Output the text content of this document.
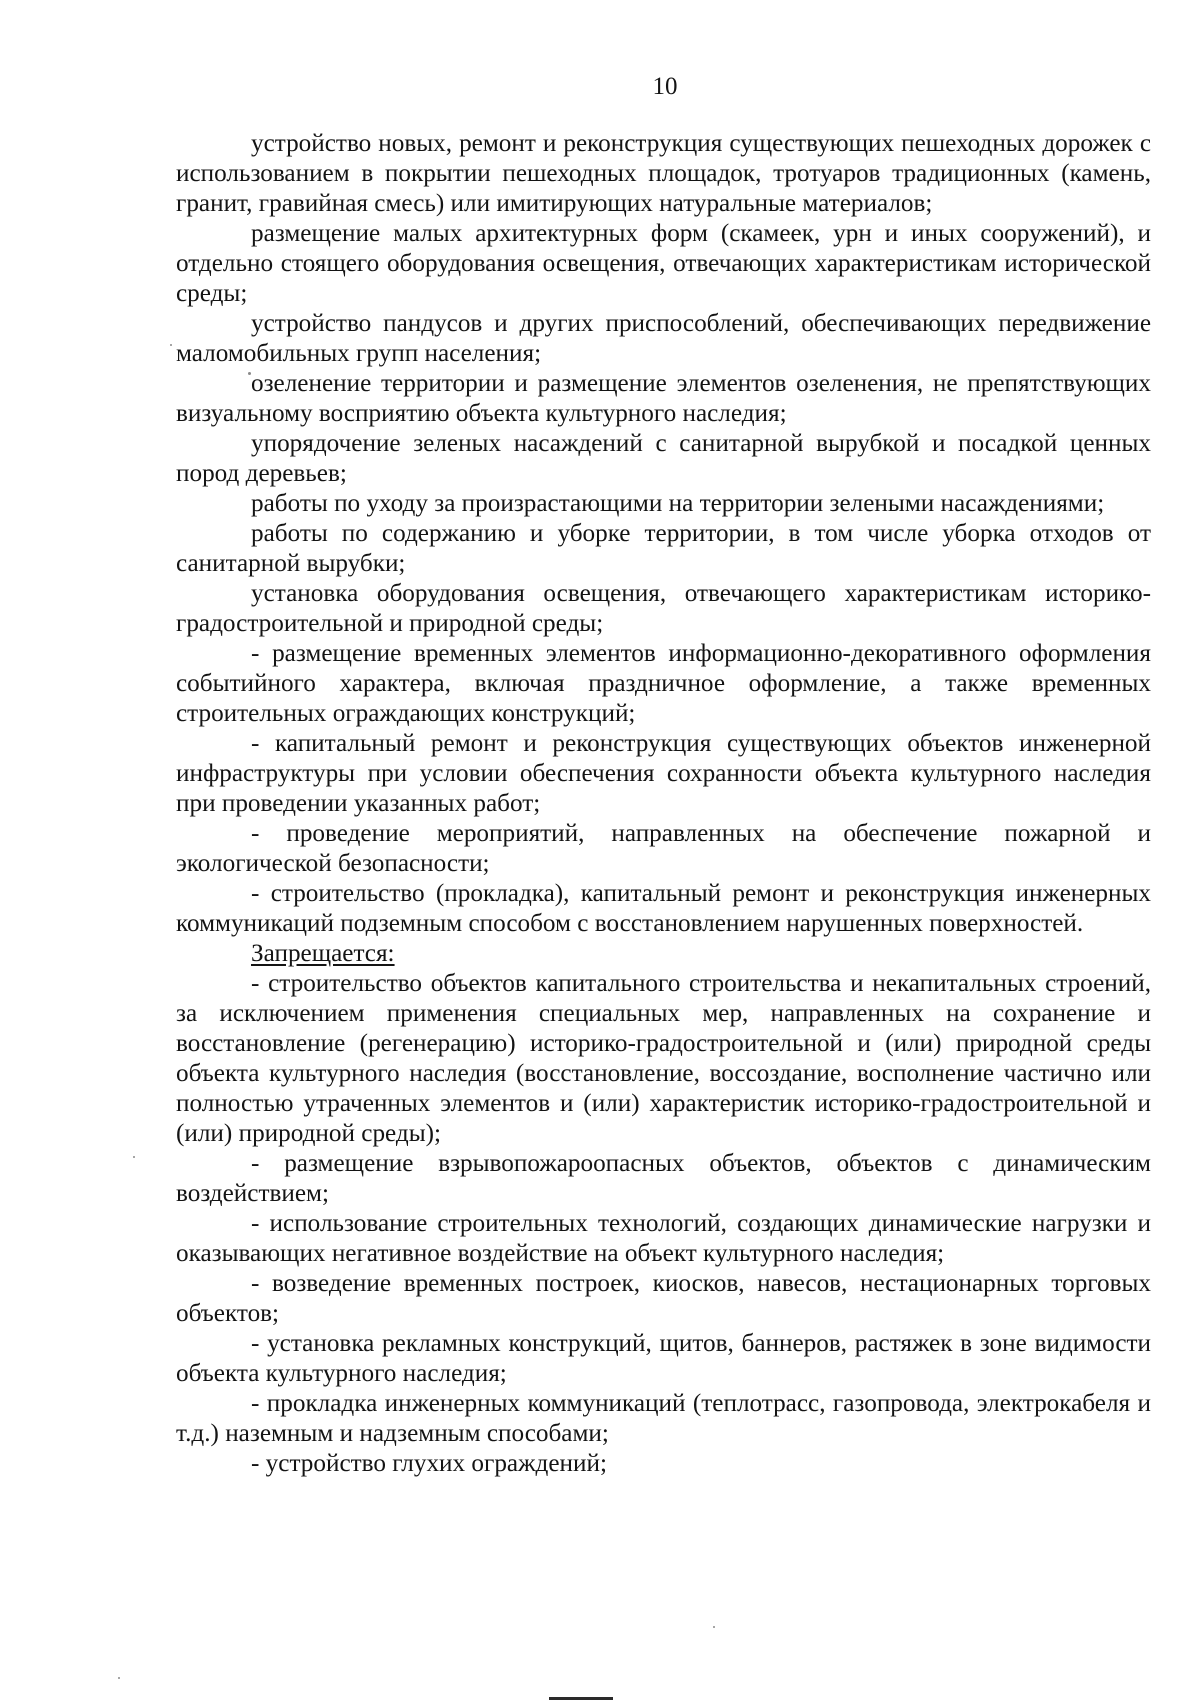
10

устройство новых, ремонт и реконструкция существующих пешеходных дорожек с использованием в покрытии пешеходных площадок, тротуаров традиционных (камень, гранит, гравийная смесь) или имитирующих натуральные материалов;

размещение малых архитектурных форм (скамеек, урн и иных сооружений), и отдельно стоящего оборудования освещения, отвечающих характеристикам исторической среды;

устройство пандусов и других приспособлений, обеспечивающих передвижение маломобильных групп населения;

озеленение территории и размещение элементов озеленения, не препятствующих визуальному восприятию объекта культурного наследия;

упорядочение зеленых насаждений с санитарной вырубкой и посадкой ценных пород деревьев;

работы по уходу за произрастающими на территории зелеными насаждениями;

работы по содержанию и уборке территории, в том числе уборка отходов от санитарной вырубки;

установка оборудования освещения, отвечающего характеристикам историко-градостроительной и природной среды;

- размещение временных элементов информационно-декоративного оформления событийного характера, включая праздничное оформление, а также временных строительных ограждающих конструкций;

- капитальный ремонт и реконструкция существующих объектов инженерной инфраструктуры при условии обеспечения сохранности объекта культурного наследия при проведении указанных работ;

- проведение мероприятий, направленных на обеспечение пожарной и экологической безопасности;

- строительство (прокладка), капитальный ремонт и реконструкция инженерных коммуникаций подземным способом с восстановлением нарушенных поверхностей.

Запрещается:

- строительство объектов капитального строительства и некапитальных строений, за исключением применения специальных мер, направленных на сохранение и восстановление (регенерацию) историко-градостроительной и (или) природной среды объекта культурного наследия (восстановление, воссоздание, восполнение частично или полностью утраченных элементов и (или) характеристик историко-градостроительной и (или) природной среды);

- размещение взрывопожароопасных объектов, объектов с динамическим воздействием;

- использование строительных технологий, создающих динамические нагрузки и оказывающих негативное воздействие на объект культурного наследия;

- возведение временных построек, киосков, навесов, нестационарных торговых объектов;

- установка рекламных конструкций, щитов, баннеров, растяжек в зоне видимости объекта культурного наследия;

- прокладка инженерных коммуникаций (теплотрасс, газопровода, электрокабеля и т.д.) наземным и надземным способами;

- устройство глухих ограждений;
